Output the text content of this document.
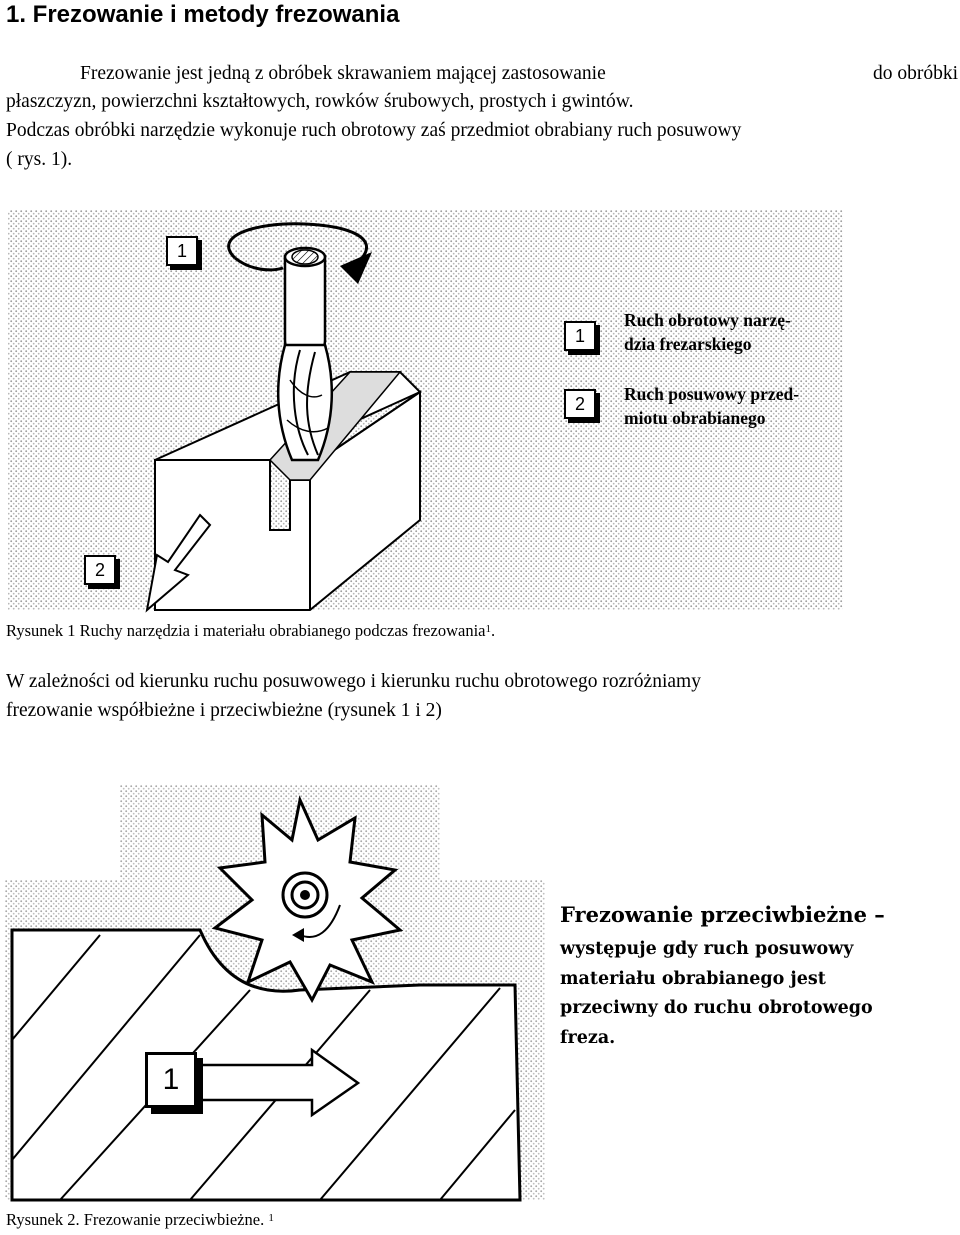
1. Frezowanie i metody frezowania
Frezowanie jest jedną z obróbek skrawaniem mającej zastosowanie	do obróbki
płaszczyzn, powierzchni kształtowych, rowków śrubowych, prostych i gwintów.
Podczas obróbki narzędzie wykonuje ruch obrotowy zaś przedmiot obrabiany ruch posuwowy
( rys. 1).
1
2
1
Ruch obrotowy narzę-
dzia frezarskiego
2	Ruch posuwowy przed-
miotu obrabianego
Rysunek 1 Ruchy narzędzia i materiału obrabianego podczas frezowania$^1$.
W zależności od kierunku ruchu posuwowego i kierunku ruchu obrotowego rozróżniamy
frezowanie współbieżne i przeciwbieżne (rysunek 1 i 2)
1
Frezowanie przeciwbieżne –
występuje gdy ruch posuwowy
materiału obrabianego jest
przeciwny do ruchu obrotowego
freza.
Rysunek 2. Frezowanie przeciwbieżne. $^1$
